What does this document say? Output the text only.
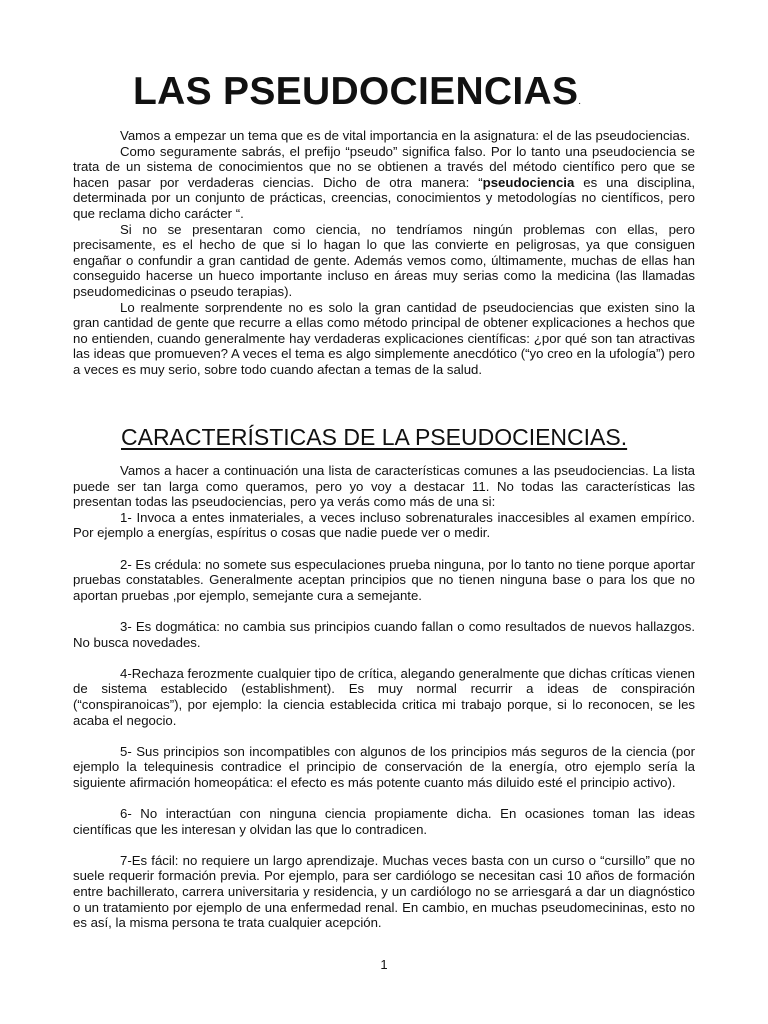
LAS PSEUDOCIENCIAS.

Vamos a empezar un tema que es de vital importancia en la asignatura: el de las pseudociencias.

Como seguramente sabrás, el prefijo “pseudo” significa falso. Por lo tanto una pseudociencia se trata de un sistema de conocimientos que no se obtienen a través del método científico pero que se hacen pasar por verdaderas ciencias. Dicho de otra manera: “pseudociencia es una disciplina, determinada por un conjunto de prácticas, creencias, conocimientos y metodologías no científicos, pero que reclama dicho carácter “.

Si no se presentaran como ciencia, no tendríamos ningún problemas con ellas, pero precisamente, es el hecho de que si lo hagan lo que las convierte en peligrosas, ya que consiguen engañar o confundir a gran cantidad de gente. Además vemos como, últimamente, muchas de ellas han conseguido hacerse un hueco importante incluso en áreas muy serias como la medicina (las llamadas pseudomedicinas o pseudo terapias).

Lo realmente sorprendente no es solo la gran cantidad de pseudociencias que existen sino la gran cantidad de gente que recurre a ellas como método principal de obtener explicaciones a hechos que no entienden, cuando generalmente hay verdaderas explicaciones científicas: ¿por qué son tan atractivas las ideas que promueven? A veces el tema es algo simplemente anecdótico (“yo creo en la ufología”) pero a veces es muy serio, sobre todo cuando afectan a temas de la salud.

CARACTERÍSTICAS DE LA PSEUDOCIENCIAS.

Vamos a hacer a continuación una lista de características comunes a las pseudociencias. La lista puede ser tan larga como queramos, pero yo voy a destacar 11. No todas las características las presentan todas las pseudociencias, pero ya verás como más de una si:

1- Invoca a entes inmateriales, a veces incluso sobrenaturales inaccesibles al examen empírico. Por ejemplo a energías, espíritus o cosas que nadie puede ver o medir.

2- Es crédula: no somete sus especulaciones prueba ninguna, por lo tanto no tiene porque aportar pruebas constatables. Generalmente aceptan principios que no tienen ninguna base o para los que no aportan pruebas ,por ejemplo, semejante cura a semejante.

3- Es dogmática: no cambia sus principios cuando fallan o como resultados de nuevos hallazgos. No busca novedades.

4-Rechaza ferozmente cualquier tipo de crítica, alegando generalmente que dichas críticas vienen de sistema establecido (establishment). Es muy normal recurrir a ideas de conspiración (“conspiranoicas”), por ejemplo: la ciencia establecida critica mi trabajo porque, si lo reconocen, se les acaba el negocio.

5- Sus principios son incompatibles con algunos de los principios más seguros de la ciencia (por ejemplo la telequinesis contradice el principio de conservación de la energía, otro ejemplo sería la siguiente afirmación homeopática: el efecto es más potente cuanto más diluido esté el principio activo).

6- No interactúan con ninguna ciencia propiamente dicha. En ocasiones toman las ideas científicas que les interesan y olvidan las que lo contradicen.

7-Es fácil: no requiere un largo aprendizaje. Muchas veces basta con un curso o “cursillo” que no suele requerir formación previa. Por ejemplo, para ser cardiólogo se necesitan casi 10 años de formación entre bachillerato, carrera universitaria y residencia, y un cardiólogo no se arriesgará a dar un diagnóstico o un tratamiento por ejemplo de una enfermedad renal. En cambio, en muchas pseudomecininas, esto no es así, la misma persona te trata cualquier acepción.

1
